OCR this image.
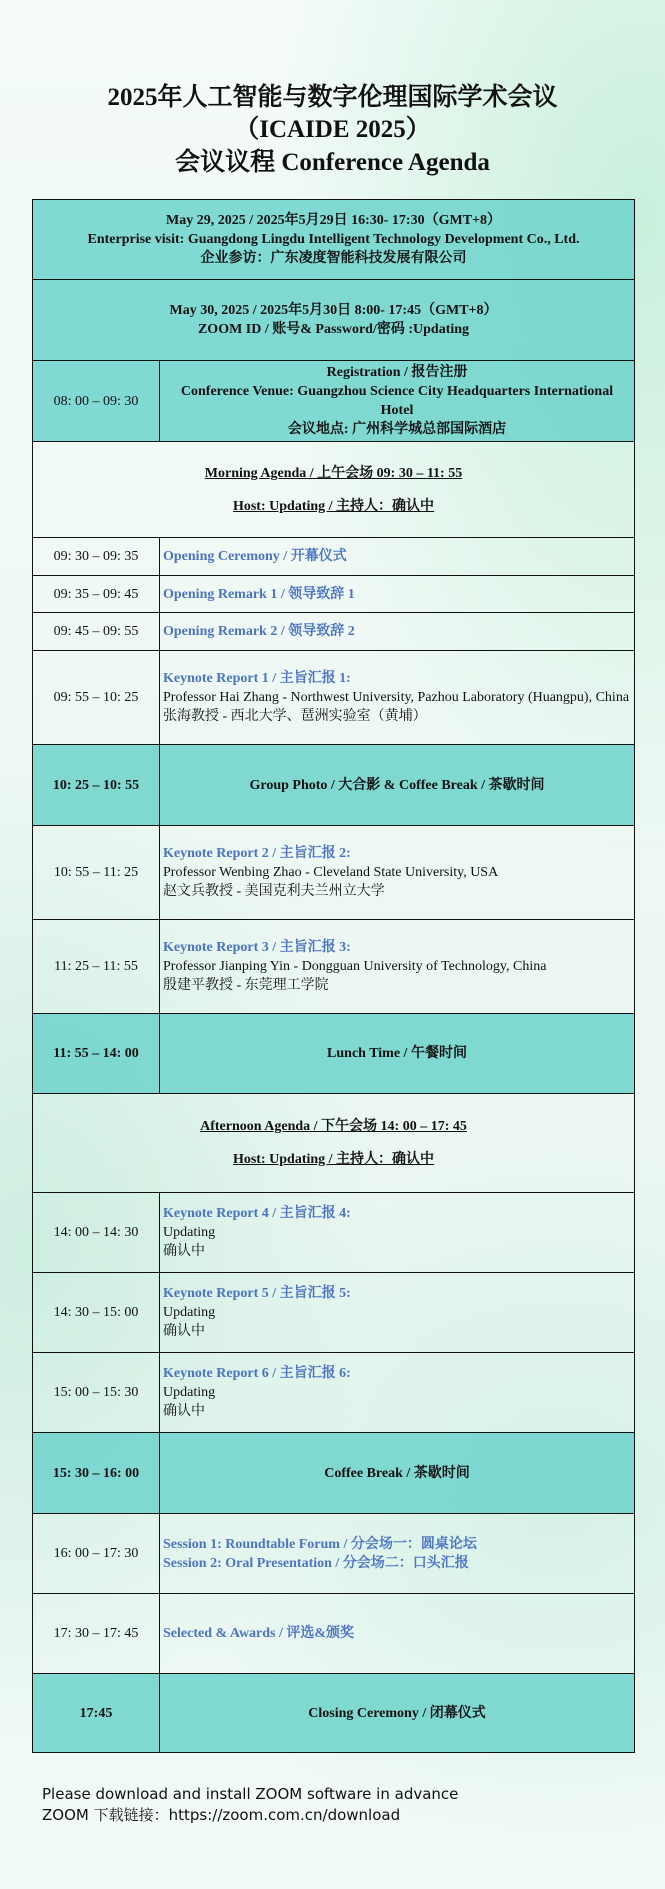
2025年人工智能与数字伦理国际学术会议
（ICAIDE 2025）
会议议程 Conference Agenda
May 29, 2025 / 2025年5月29日 16:30- 17:30（GMT+8）
Enterprise visit: Guangdong Lingdu Intelligent Technology Development Co., Ltd.
企业参访：广东凌度智能科技发展有限公司	

May 30, 2025 / 2025年5月30日 8:00- 17:45（GMT+8）
ZOOM ID / 账号& Password/密码 :Updating	

08: 00 – 09: 30	Registration / 报告注册
Conference Venue: Guangzhou Science City Headquarters International Hotel
会议地点: 广州科学城总部国际酒店

Morning Agenda / 上午会场 09: 30 – 11: 55
Host: Updating / 主持人：确认中	

09: 30 – 09: 35	Opening Ceremony / 开幕仪式
09: 35 – 09: 45	Opening Remark 1 / 领导致辞 1
09: 45 – 09: 55	Opening Remark 2 / 领导致辞 2
09: 55 – 10: 25	Keynote Report 1 / 主旨汇报 1:
Professor Hai Zhang - Northwest University, Pazhou Laboratory (Huangpu), China
张海教授 - 西北大学、琶洲实验室（黄埔）

10: 25 – 10: 55	Group Photo / 大合影 & Coffee Break / 茶歇时间
10: 55 – 11: 25	Keynote Report 2 / 主旨汇报 2:
Professor Wenbing Zhao - Cleveland State University, USA
赵文兵教授 - 美国克利夫兰州立大学

11: 25 – 11: 55	Keynote Report 3 / 主旨汇报 3:
Professor Jianping Yin - Dongguan University of Technology, China
殷建平教授 - 东莞理工学院

11: 55 – 14: 00	Lunch Time / 午餐时间

Afternoon Agenda / 下午会场 14: 00 – 17: 45
Host: Updating / 主持人：确认中	

14: 00 – 14: 30	Keynote Report 4 / 主旨汇报 4:
Updating
确认中

14: 30 – 15: 00	Keynote Report 5 / 主旨汇报 5:
Updating
确认中

15: 00 – 15: 30	Keynote Report 6 / 主旨汇报 6:
Updating
确认中

15: 30 – 16: 00	Coffee Break / 茶歇时间
16: 00 – 17: 30	Session 1: Roundtable Forum / 分会场一：圆桌论坛
Session 2: Oral Presentation / 分会场二：口头汇报

17: 30 – 17: 45	Selected & Awards / 评选&颁奖
17:45	Closing Ceremony / 闭幕仪式
Please download and install ZOOM software in advance
ZOOM 下载链接：https://zoom.com.cn/download
